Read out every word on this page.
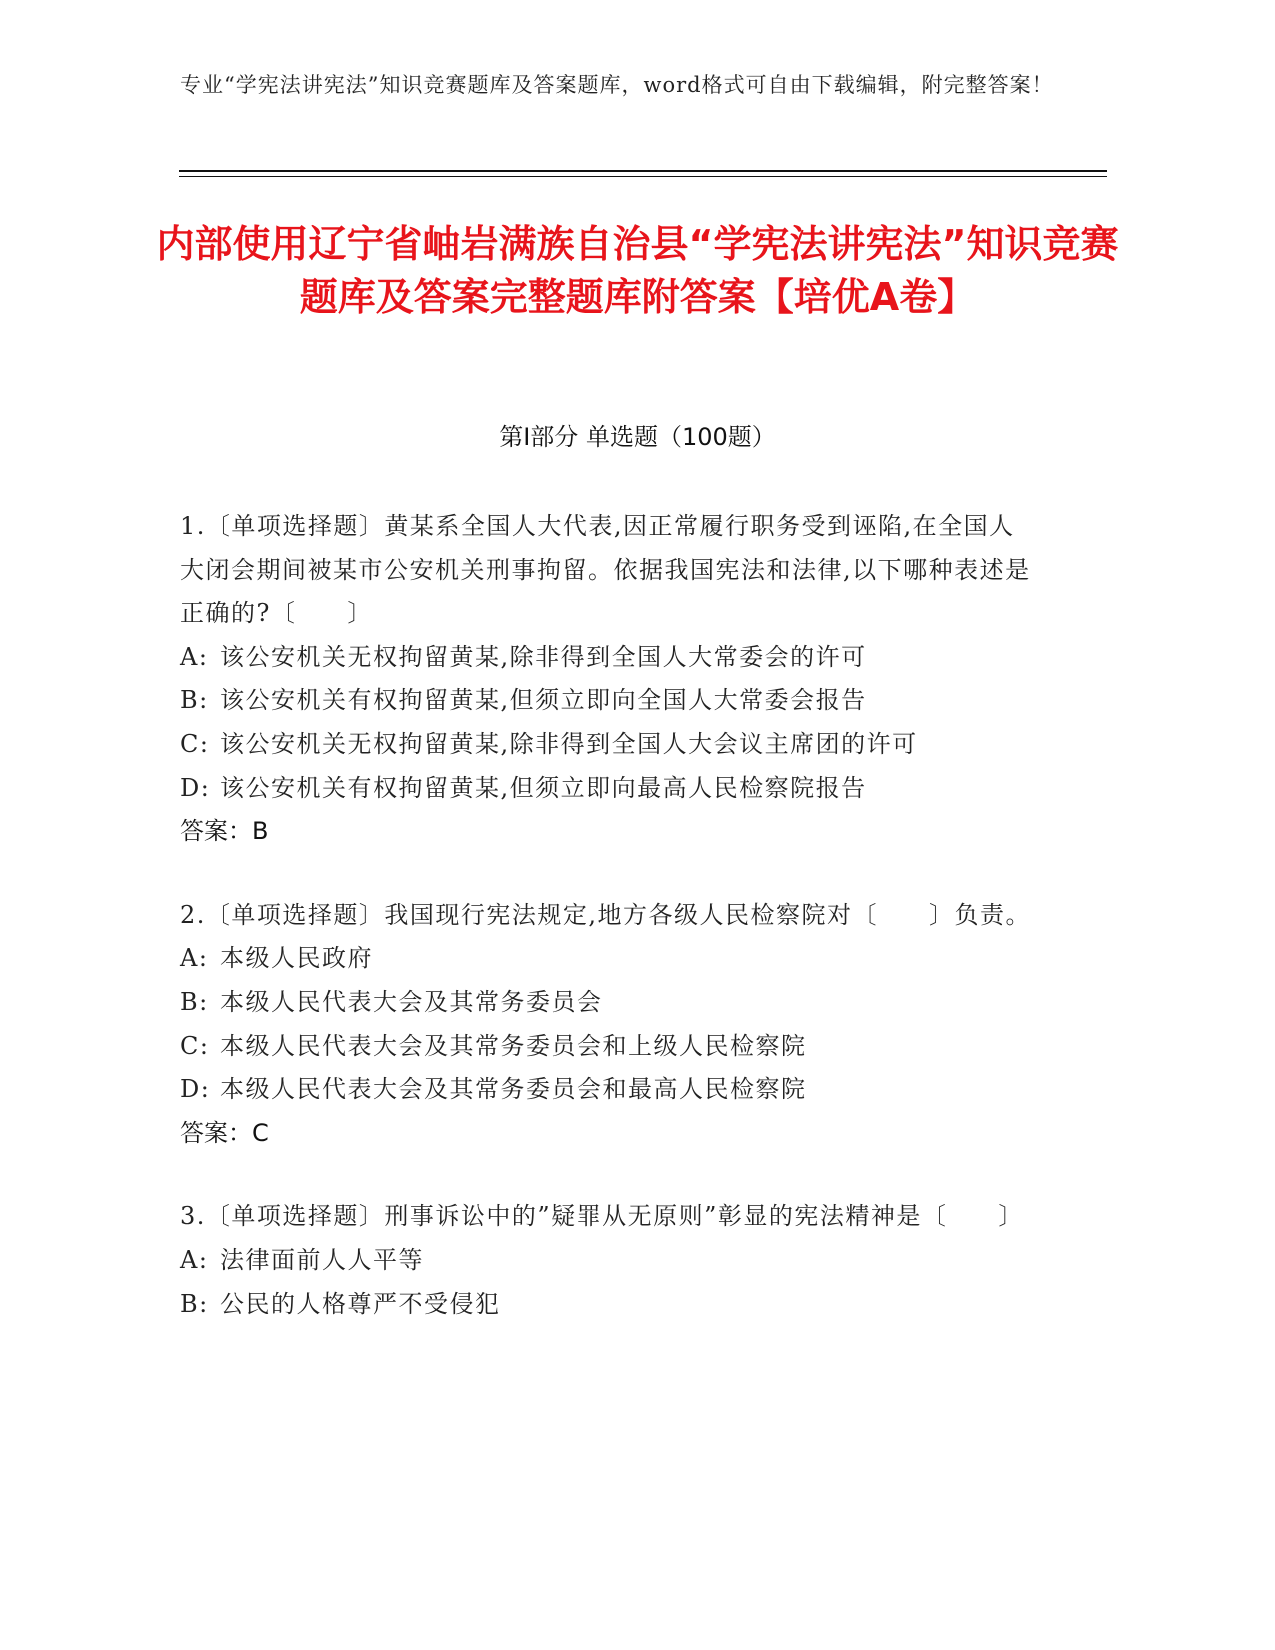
专业“学宪法讲宪法”知识竞赛题库及答案题库，word格式可自由下载编辑，附完整答案！
内部使用辽宁省岫岩满族自治县“学宪法讲宪法”知识竞赛题库及答案完整题库附答案【培优A卷】
第Ⅰ部分 单选题（100题）
1.〔单项选择题〕黄某系全国人大代表,因正常履行职务受到诬陷,在全国人大闭会期间被某市公安机关刑事拘留。依据我国宪法和法律,以下哪种表述是正确的?〔　　〕
A: 该公安机关无权拘留黄某,除非得到全国人大常委会的许可
B: 该公安机关有权拘留黄某,但须立即向全国人大常委会报告
C: 该公安机关无权拘留黄某,除非得到全国人大会议主席团的许可
D: 该公安机关有权拘留黄某,但须立即向最高人民检察院报告
答案：B
2.〔单项选择题〕我国现行宪法规定,地方各级人民检察院对〔　　〕负责。
A: 本级人民政府
B: 本级人民代表大会及其常务委员会
C: 本级人民代表大会及其常务委员会和上级人民检察院
D: 本级人民代表大会及其常务委员会和最高人民检察院
答案：C
3.〔单项选择题〕刑事诉讼中的”疑罪从无原则”彰显的宪法精神是〔　　〕
A: 法律面前人人平等
B: 公民的人格尊严不受侵犯
